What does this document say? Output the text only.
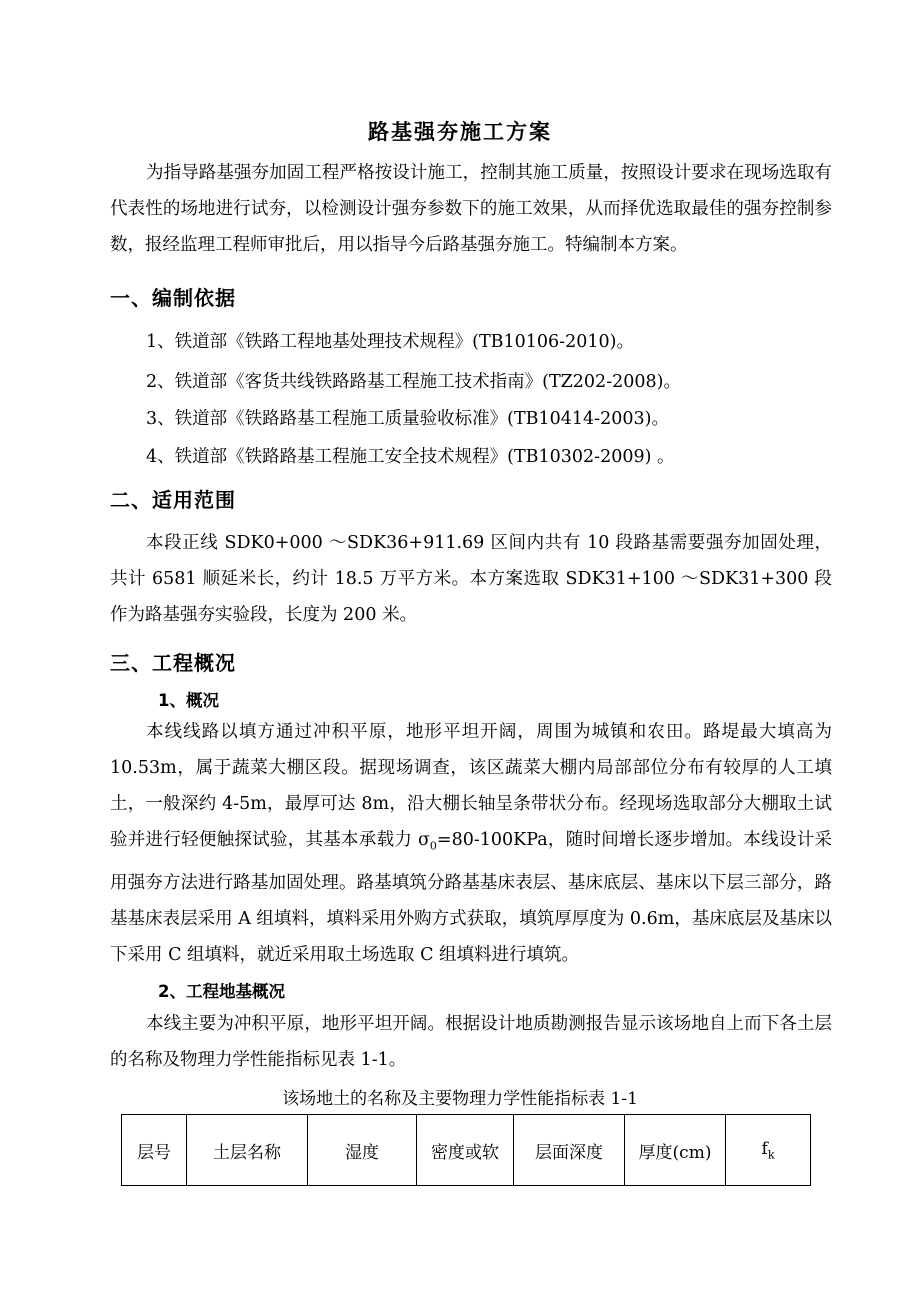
路基强夯施工方案
为指导路基强夯加固工程严格按设计施工，控制其施工质量，按照设计要求在现场选取有代表性的场地进行试夯，以检测设计强夯参数下的施工效果，从而择优选取最佳的强夯控制参数，报经监理工程师审批后，用以指导今后路基强夯施工。特编制本方案。
一、编制依据
1、铁道部《铁路工程地基处理技术规程》(TB10106-2010)。
2、铁道部《客货共线铁路路基工程施工技术指南》(TZ202-2008)。
3、铁道部《铁路路基工程施工质量验收标准》(TB10414-2003)。
4、铁道部《铁路路基工程施工安全技术规程》(TB10302-2009) 。
二、适用范围
本段正线 SDK0+000 ～SDK36+911.69 区间内共有 10 段路基需要强夯加固处理，共计 6581 顺延米长，约计 18.5 万平方米。本方案选取 SDK31+100 ～SDK31+300 段作为路基强夯实验段，长度为 200 米。
三、工程概况
1、概况
本线线路以填方通过冲积平原，地形平坦开阔，周围为城镇和农田。路堤最大填高为 10.53m，属于蔬菜大棚区段。据现场调查，该区蔬菜大棚内局部部位分布有较厚的人工填土，一般深约 4-5m，最厚可达 8m，沿大棚长轴呈条带状分布。经现场选取部分大棚取土试验并进行轻便触探试验，其基本承载力 $\sigma_0=80-100KPa$，随时间增长逐步增加。本线设计采用强夯方法进行路基加固处理。路基填筑分路基基床表层、基床底层、基床以下层三部分，路基基床表层采用 A 组填料，填料采用外购方式获取，填筑厚厚度为 0.6m，基床底层及基床以下采用 C 组填料，就近采用取土场选取 C 组填料进行填筑。
2、工程地基概况
本线主要为冲积平原，地形平坦开阔。根据设计地质勘测报告显示该场地自上而下各土层的名称及物理力学性能指标见表 1-1。
该场地土的名称及主要物理力学性能指标表 1-1
层号	土层名称	湿度	密度或软	层面深度	厚度(cm)	$f_k$
